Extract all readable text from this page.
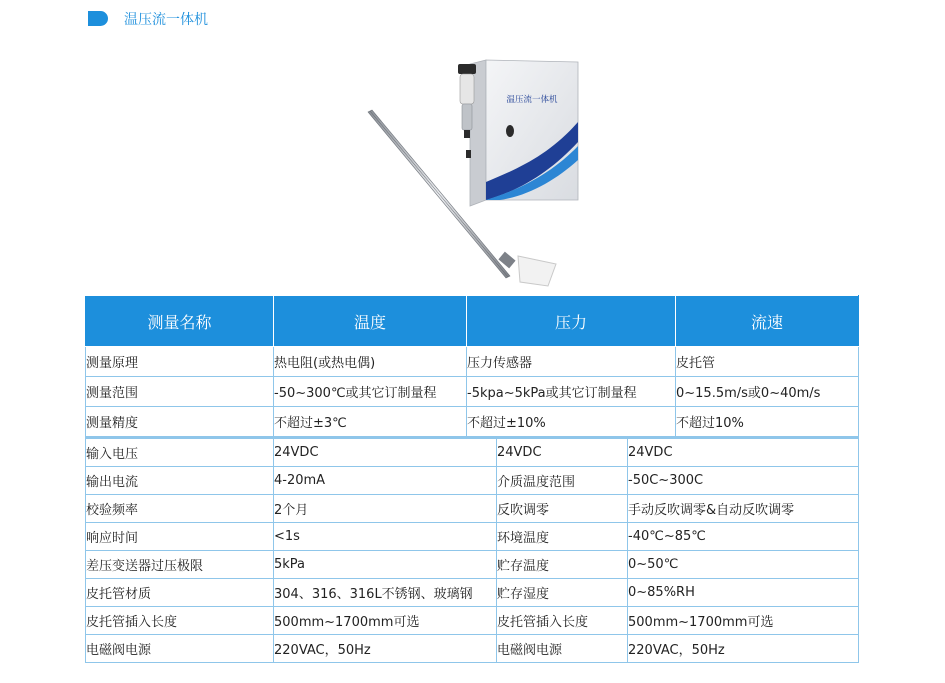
温压流一体机
温压流一体机
测量名称	温度	压力	流速
测量原理	热电阻(或热电偶)	压力传感器	皮托管
测量范围	-50~300℃或其它订制量程	-5kpa~5kPa或其它订制量程	0~15.5m/s或0~40m/s
测量精度	不超过±3℃	不超过±10%	不超过10%
输入电压	24VDC	24VDC	24VDC
输出电流	4-20mA	介质温度范围	-50C~300C
校验频率	2个月	反吹调零	手动反吹调零&自动反吹调零
响应时间	<1s	环境温度	-40℃~85℃
差压变送器过压极限	5kPa	贮存温度	0~50℃
皮托管材质	304、316、316L不锈钢、玻璃钢	贮存湿度	0~85%RH
皮托管插入长度	500mm~1700mm可选	皮托管插入长度	500mm~1700mm可选
电磁阀电源	220VAC，50Hz	电磁阀电源	220VAC，50Hz
